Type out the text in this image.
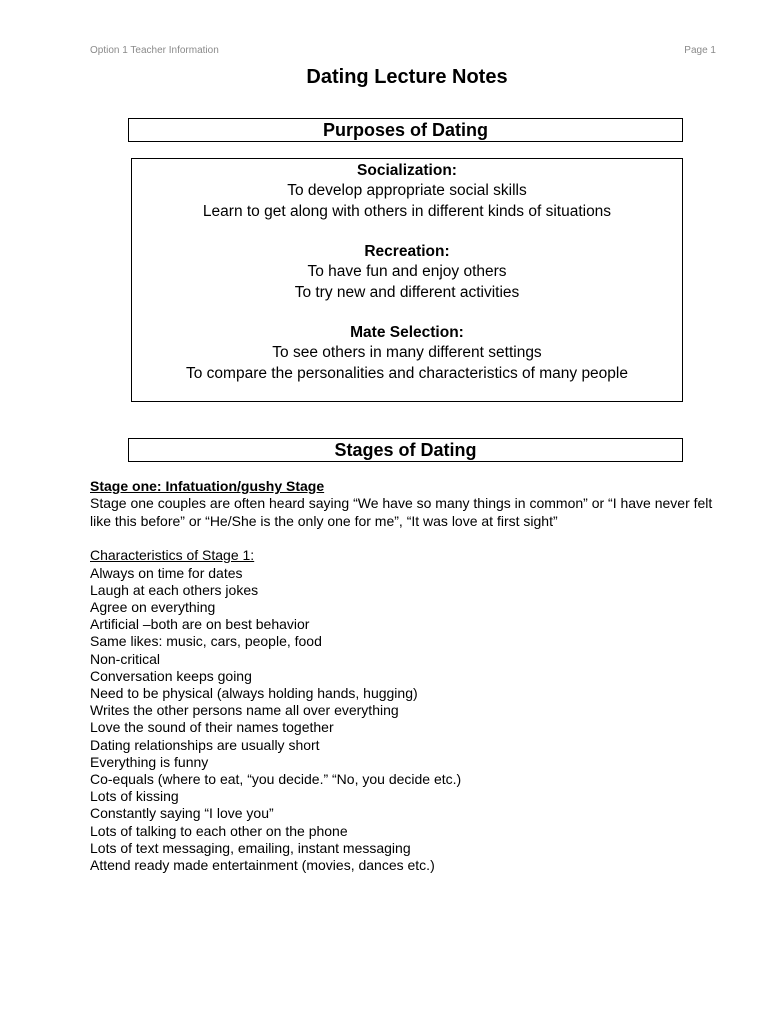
Option 1 Teacher Information	Page 1
Dating Lecture Notes
Purposes of Dating
Socialization:
To develop appropriate social skills
Learn to get along with others in different kinds of situations
Recreation:
To have fun and enjoy others
To try new and different activities
Mate Selection:
To see others in many different settings
To compare the personalities and characteristics of many people
Stages of Dating
Stage one: Infatuation/gushy Stage
Stage one couples are often heard saying “We have so many things in common” or “I have never felt like this before” or “He/She is the only one for me”, “It was love at first sight”
Characteristics of Stage 1:
Always on time for dates
Laugh at each others jokes
Agree on everything
Artificial –both are on best behavior
Same likes: music, cars, people, food
Non-critical
Conversation keeps going
Need to be physical (always holding hands, hugging)
Writes the other persons name all over everything
Love the sound of their names together
Dating relationships are usually short
Everything is funny
Co-equals (where to eat, “you decide.” “No, you decide etc.)
Lots of kissing
Constantly saying “I love you”
Lots of talking to each other on the phone
Lots of text messaging, emailing, instant messaging
Attend ready made entertainment (movies, dances etc.)
